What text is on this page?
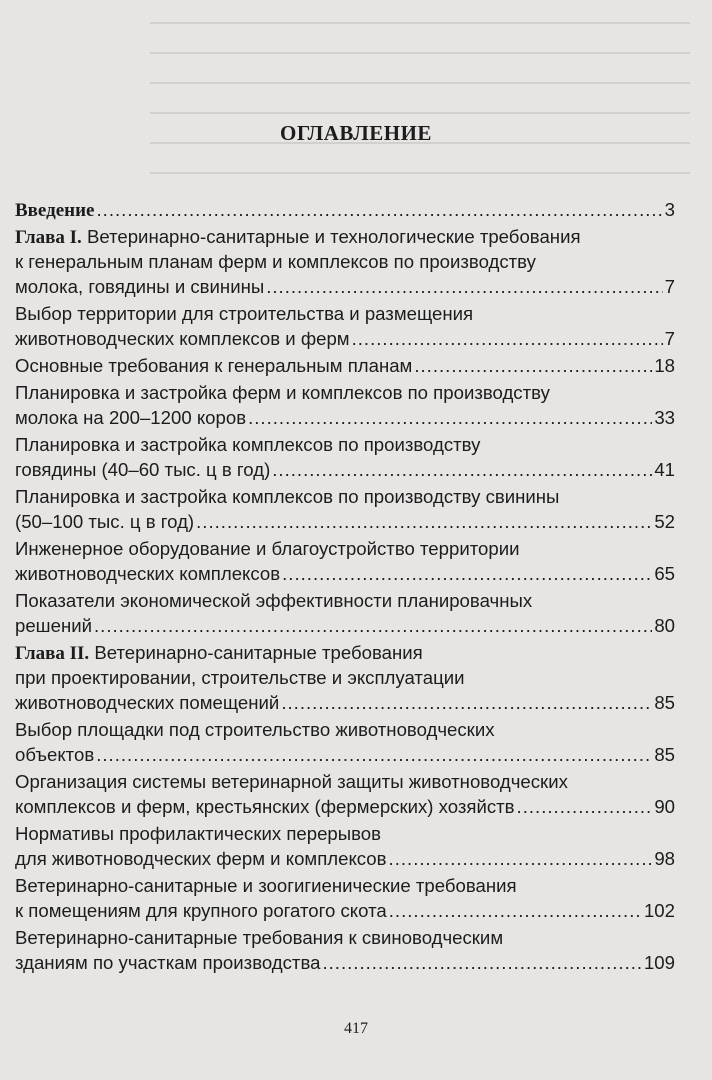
ОГЛАВЛЕНИЕ
Введение .....	3
Глава I. Ветеринарно-санитарные и технологические требования
к генеральным планам ферм и комплексов по производству
молока, говядины и свинины .....	7
Выбор территории для строительства и размещения
животноводческих комплексов и ферм .....	7
Основные требования к генеральным планам .....	18
Планировка и застройка ферм и комплексов по производству
молока на 200–1200 коров .....	33
Планировка и застройка комплексов по производству
говядины (40–60 тыс. ц в год) .....	41
Планировка и застройка комплексов по производству свинины
(50–100 тыс. ц в год) .....	52
Инженерное оборудование и благоустройство территории
животноводческих комплексов .....	65
Показатели экономической эффективности планировачных
решений .....	80
Глава II. Ветеринарно-санитарные требования
при проектировании, строительстве и эксплуатации
животноводческих помещений .....	85
Выбор площадки под строительство животноводческих
объектов .....	85
Организация системы ветеринарной защиты животноводческих
комплексов и ферм, крестьянских (фермерских) хозяйств .....	90
Нормативы профилактических перерывов
для животноводческих ферм и комплексов .....	98
Ветеринарно-санитарные и зоогигиенические требования
к помещениям для крупного рогатого скота .....	102
Ветеринарно-санитарные требования к свиноводческим
зданиям по участкам производства .....	109
417
